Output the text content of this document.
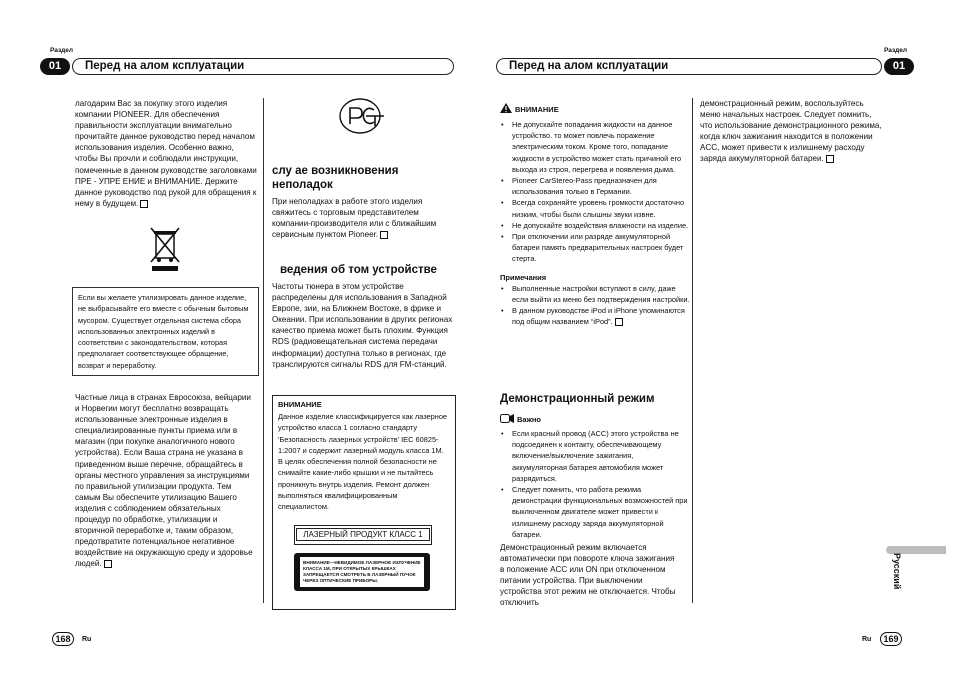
Раздел
01	Перед на алом ксплуатации
Раздел
Перед на алом ксплуатации	01

лагодарим Вас за покупку этого изделия компании PIONEER. Для обеспечения правильности эксплуатации внимательно прочитайте данное руководство перед началом использования изделия. Особенно важно, чтобы Вы прочли и соблюдали инструкции, помеченные в данном руководстве заголовками ПРЕ - УПРЕ ЕНИЕ и ВНИМАНИЕ. Держите данное руководство под рукой для обращения к нему в будущем.

Если вы желаете утилизировать данное изделие, не выбрасывайте его вместе с обычным бытовым мусором. Существует отдельная система сбора использованных электронных изделий в соответствии с законодательством, которая предполагает соответствующее обращение, возврат и переработку.

Частные лица в странах Евросоюза, вейцарии и Норвегии могут бесплатно возвращать использованные электронные изделия в специализированные пункты приема или в магазин (при покупке аналогичного нового устройства). Если Ваша страна не указана в приведенном выше перечне, обращайтесь в органы местного управления за инструкциями по правильной утилизации продукта. Тем самым Вы обеспечите утилизацию Вашего изделия с соблюдением обязательных процедур по обработке, утилизации и вторичной переработке и, таким образом, предотвратите потенциальное негативное воздействие на окружающую среду и здоровье людей.

слу ае возникновения неполадок

При неполадках в работе этого изделия свяжитесь с торговым представителем компании-производителя или с ближайшим сервисным пунктом Pioneer.

ведения об том устройстве
Частоты тюнера в этом устройстве распределены для использования в Западной Европе, зии, на Ближнем Востоке, в фрике и Океании. При использовании в других регионах качество приема может быть плохим. Функция RDS (радиовещательная система передачи информации) доступна только в регионах, где транслируются сигналы RDS для FM-станций.
ВНИМАНИЕ
Данное изделие классифицируется как лазерное устройство класса 1 согласно стандарту 'Безопасность лазерных устройств' IEC 60825-1:2007 и содержит лазерный модуль класса 1M. В целях обеспечения полной безопасности не снимайте какие-либо крышки и не пытайтесь проникнуть внутрь изделия. Ремонт должен выполняться квалифицированным специалистом.
ЛАЗЕРНЫЙ ПРОДУКТ КЛАСС 1
ВНИМАНИЕ—НЕВИДИМОЕ ЛАЗЕРНОЕ ИЗЛУЧЕНИЕ КЛАССА 1M, ПРИ ОТКРЫТЫХ КРЫШКАХ ЗАПРЕЩАЕТСЯ СМОТРЕТЬ В ЛАЗЕРНЫЙ ПУЧОК ЧЕРЕЗ ОПТИЧЕСКИЕ ПРИБОРЫ.
ВНИМАНИЕ
• Не допускайте попадания жидкости на данное устройство. то может повлечь поражение электрическим током. Кроме того, попадание жидкости в устройство может стать причиной его выхода из строя, перегрева и появления дыма.
• Pioneer CarStereo-Pass предназначен для использования только в Германии.
• Всегда сохраняйте уровень громкости достаточно низким, чтобы были слышны звуки извне.
• Не допускайте воздействия влажности на изделие.
• При отключении или разряде аккумуляторной батареи память предварительных настроек будет стерта.
Примечания
• Выполненные настройки вступают в силу, даже если выйти из меню без подтверждения настройки.
• В данном руководстве iPod и iPhone упоминаются под общим названием “iPod”.
Демонстрационный режим
Важно
• Если красный провод (ACC) этого устройства не подсоединен к контакту, обеспечивающему включение/выключение зажигания, аккумуляторная батарея автомобиля может разрядиться.
• Следует помнить, что работа режима демонстрации функциональных возможностей при выключенном двигателе может привести к излишнему расходу заряда аккумуляторной батареи.
Демонстрационный режим включается автоматически при повороте ключа зажигания в положение ACC или ON при отключенном питании устройства. При выключении устройства этот режим не отключается. Чтобы отключить

демонстрационный режим, воспользуйтесь меню начальных настроек. Следует помнить, что использование демонстрационного режима, когда ключ зажигания находится в положении ACC, может привести к излишнему расходу заряда аккумуляторной батареи.

Русский
168	Ru	Ru	169
